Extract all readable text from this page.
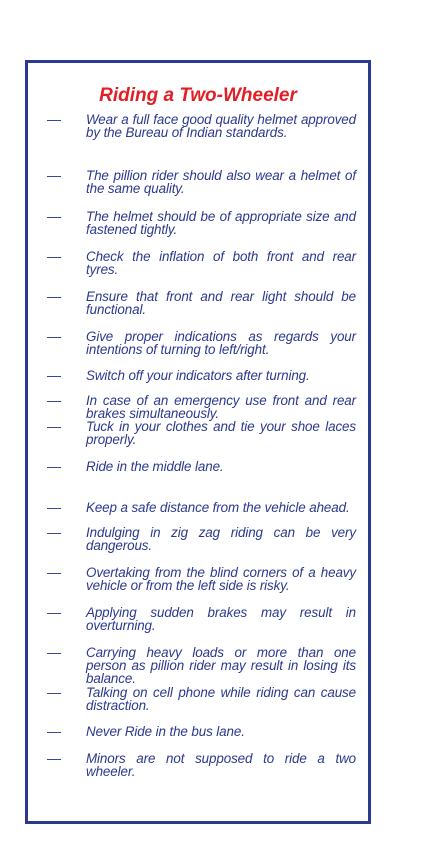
Riding a Two-Wheeler
— Wear a full face good quality helmet approved by the Bureau of Indian standards.
— The pillion rider should also wear a helmet of the same quality.
— The helmet should be of appropriate size and fastened tightly.
— Check the inflation of both front and rear tyres.
— Ensure that front and rear light should be functional.
— Give proper indications as regards your intentions of turning to left/right.
— Switch off your indicators after turning.
— In case of an emergency use front and rear brakes simultaneously.
— Tuck in your clothes and tie your shoe laces properly.
— Ride in the middle lane.
— Keep a safe distance from the vehicle ahead.
— Indulging in zig zag riding can be very dangerous.
— Overtaking from the blind corners of a heavy vehicle or from the left side is risky.
— Applying sudden brakes may result in overturning.
— Carrying heavy loads or more than one person as pillion rider may result in losing its balance.
— Talking on cell phone while riding can cause distraction.
— Never Ride in the bus lane.
— Minors are not supposed to ride a two wheeler.
